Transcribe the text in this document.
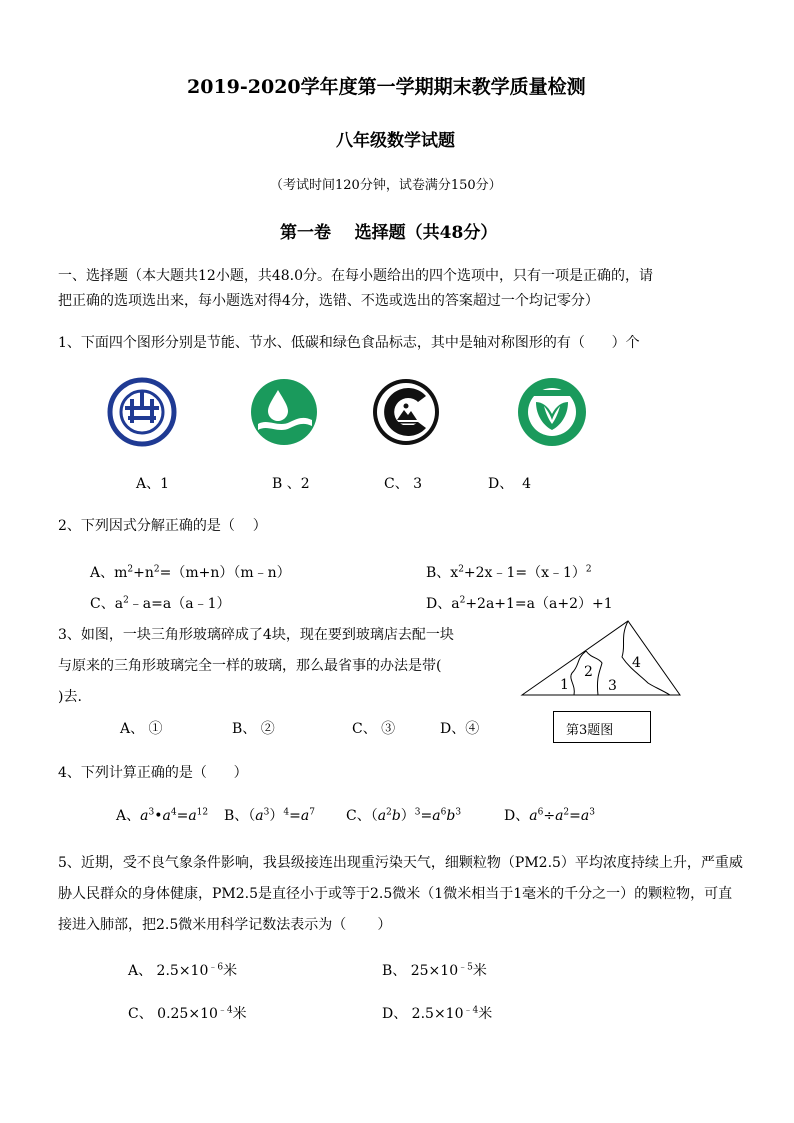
2019-2020学年度第一学期期末教学质量检测
八年级数学试题
（考试时间120分钟，试卷满分150分）
第一卷    选择题（共48分）
一、选择题（本大题共12小题，共48.0分。在每小题给出的四个选项中，只有一项是正确的，请
把正确的选项选出来，每小题选对得4分，选错、不选或选出的答案超过一个均记零分）
1、下面四个图形分别是节能、节水、低碳和绿色食品标志，其中是轴对称图形的有（      ）个
A、1	B 、2	C、 3	D、  4
2、下列因式分解正确的是（    ）
A、$m^2+n^2=(m+n)(m﹣n)$	B、$x^2+2x﹣1=(x﹣1)^2$
C、$a^2﹣a=a(a﹣1)$	D、$a^2+2a+1=a(a+2)+1$
3、如图，一块三角形玻璃碎成了4块，现在要到玻璃店去配一块
与原来的三角形玻璃完全一样的玻璃，那么最省事的办法是带(
)去.
1
2
3
4
第3题图
A、 ①	B、 ②	C、 ③	D、④
4、下列计算正确的是（      ）
A、$a^3•a^4=a^{12}$ B、$(a^3)^4=a^7$ C、$(a^2b)^3=a^6b^3$	D、$a^6\div a^2=a^3$
5、近期，受不良气象条件影响，我县级接连出现重污染天气，细颗粒物（PM2.5）平均浓度持续上升，严重威
胁人民群众的身体健康，PM2.5是直径小于或等于2.5微米（1微米相当于1毫米的千分之一）的颗粒物，可直
接进入肺部，把2.5微米用科学记数法表示为（       ）
A、 $2.5\times 10^{﹣6}$米	B、 $25\times 10^{﹣5}$米
C、 $0.25\times 10^{﹣4}$米	D、 $2.5\times 10^{﹣4}$米
